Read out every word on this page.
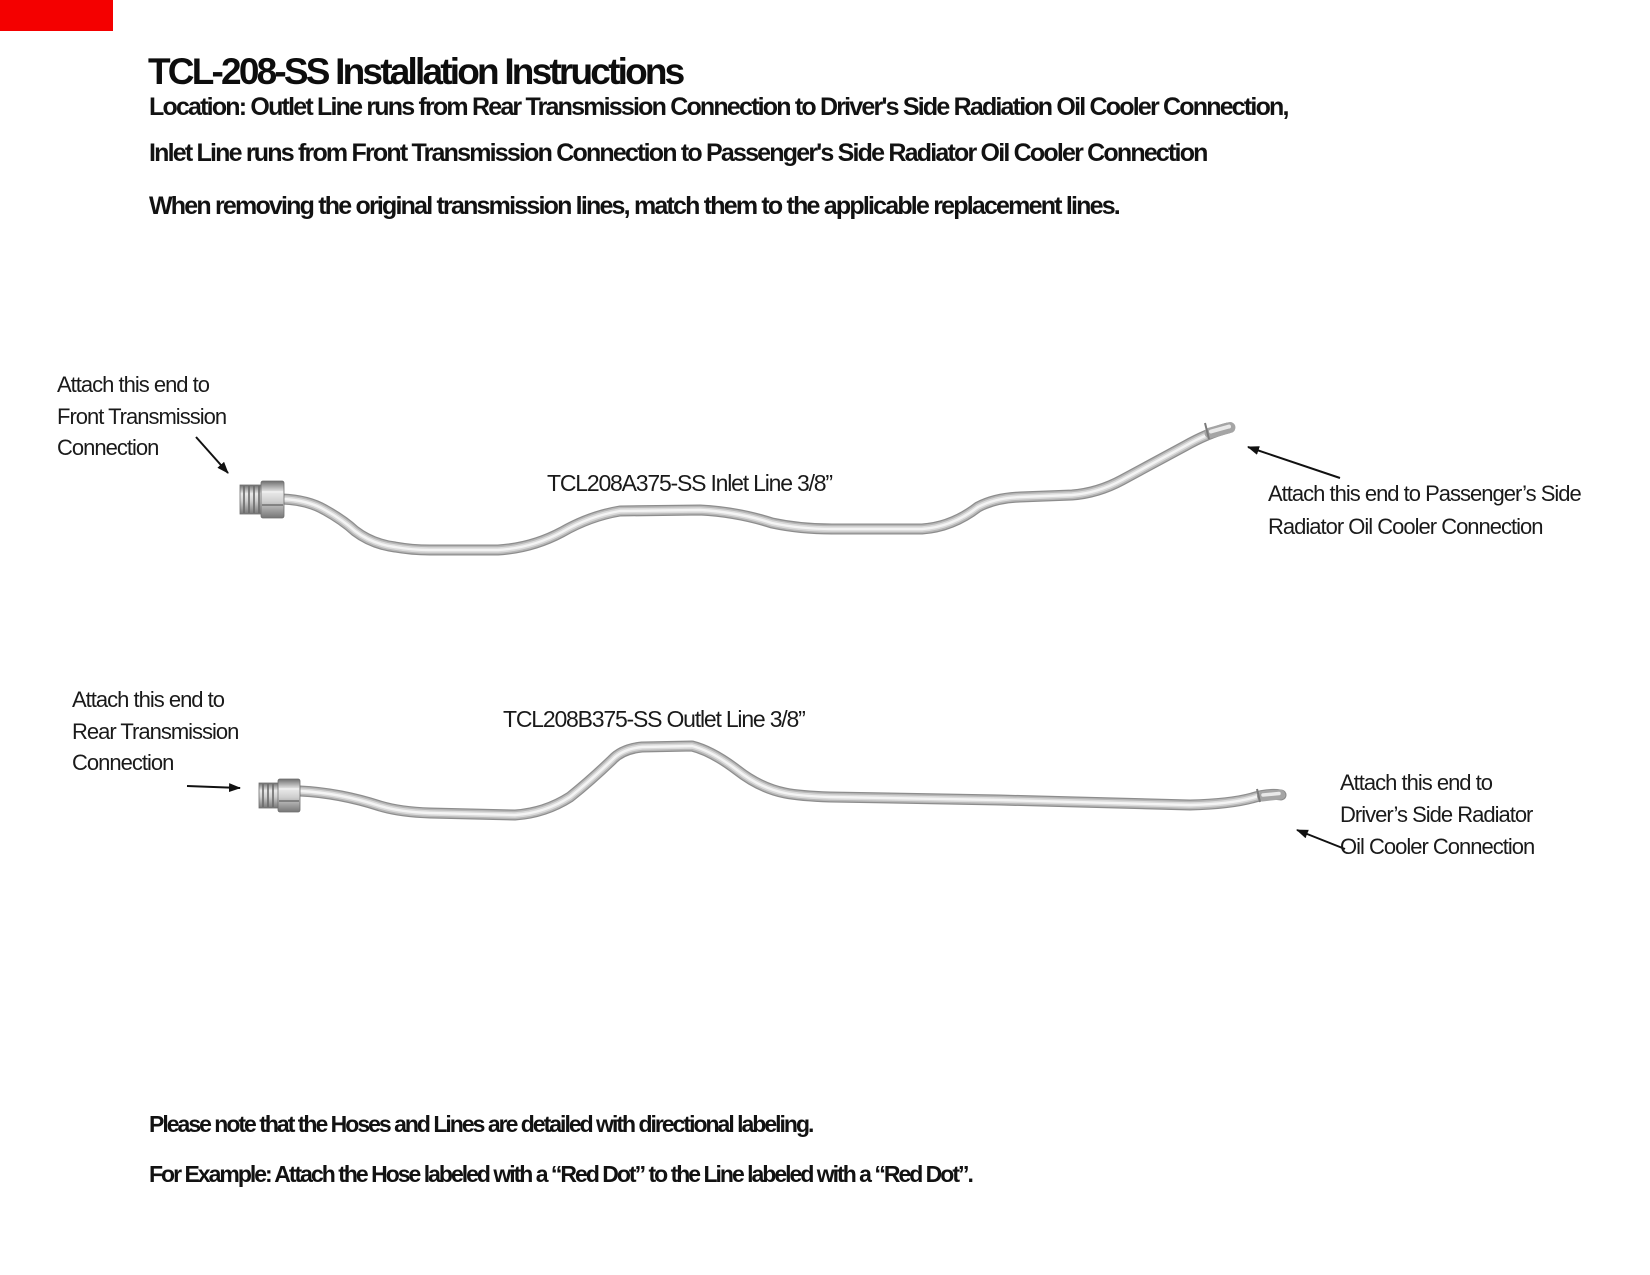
TCL-208-SS Installation Instructions
Location: Outlet Line runs from Rear Transmission Connection to Driver's Side Radiation Oil Cooler Connection,
Inlet Line runs from Front Transmission Connection to Passenger's Side Radiator Oil Cooler Connection
When removing the original transmission lines, match them to the applicable replacement lines.
TCL208A375-SS Inlet Line 3/8”
TCL208B375-SS Outlet Line 3/8”
Attach this end to
Front Transmission
Connection
Attach this end to Passenger’s Side
Radiator Oil Cooler Connection
Attach this end to
Rear Transmission
Connection
Attach this end to
Driver’s Side Radiator
Oil Cooler Connection
Please note that the Hoses and Lines are detailed with directional labeling.
For Example: Attach the Hose labeled with a “Red Dot” to the Line labeled with a “Red Dot”.
